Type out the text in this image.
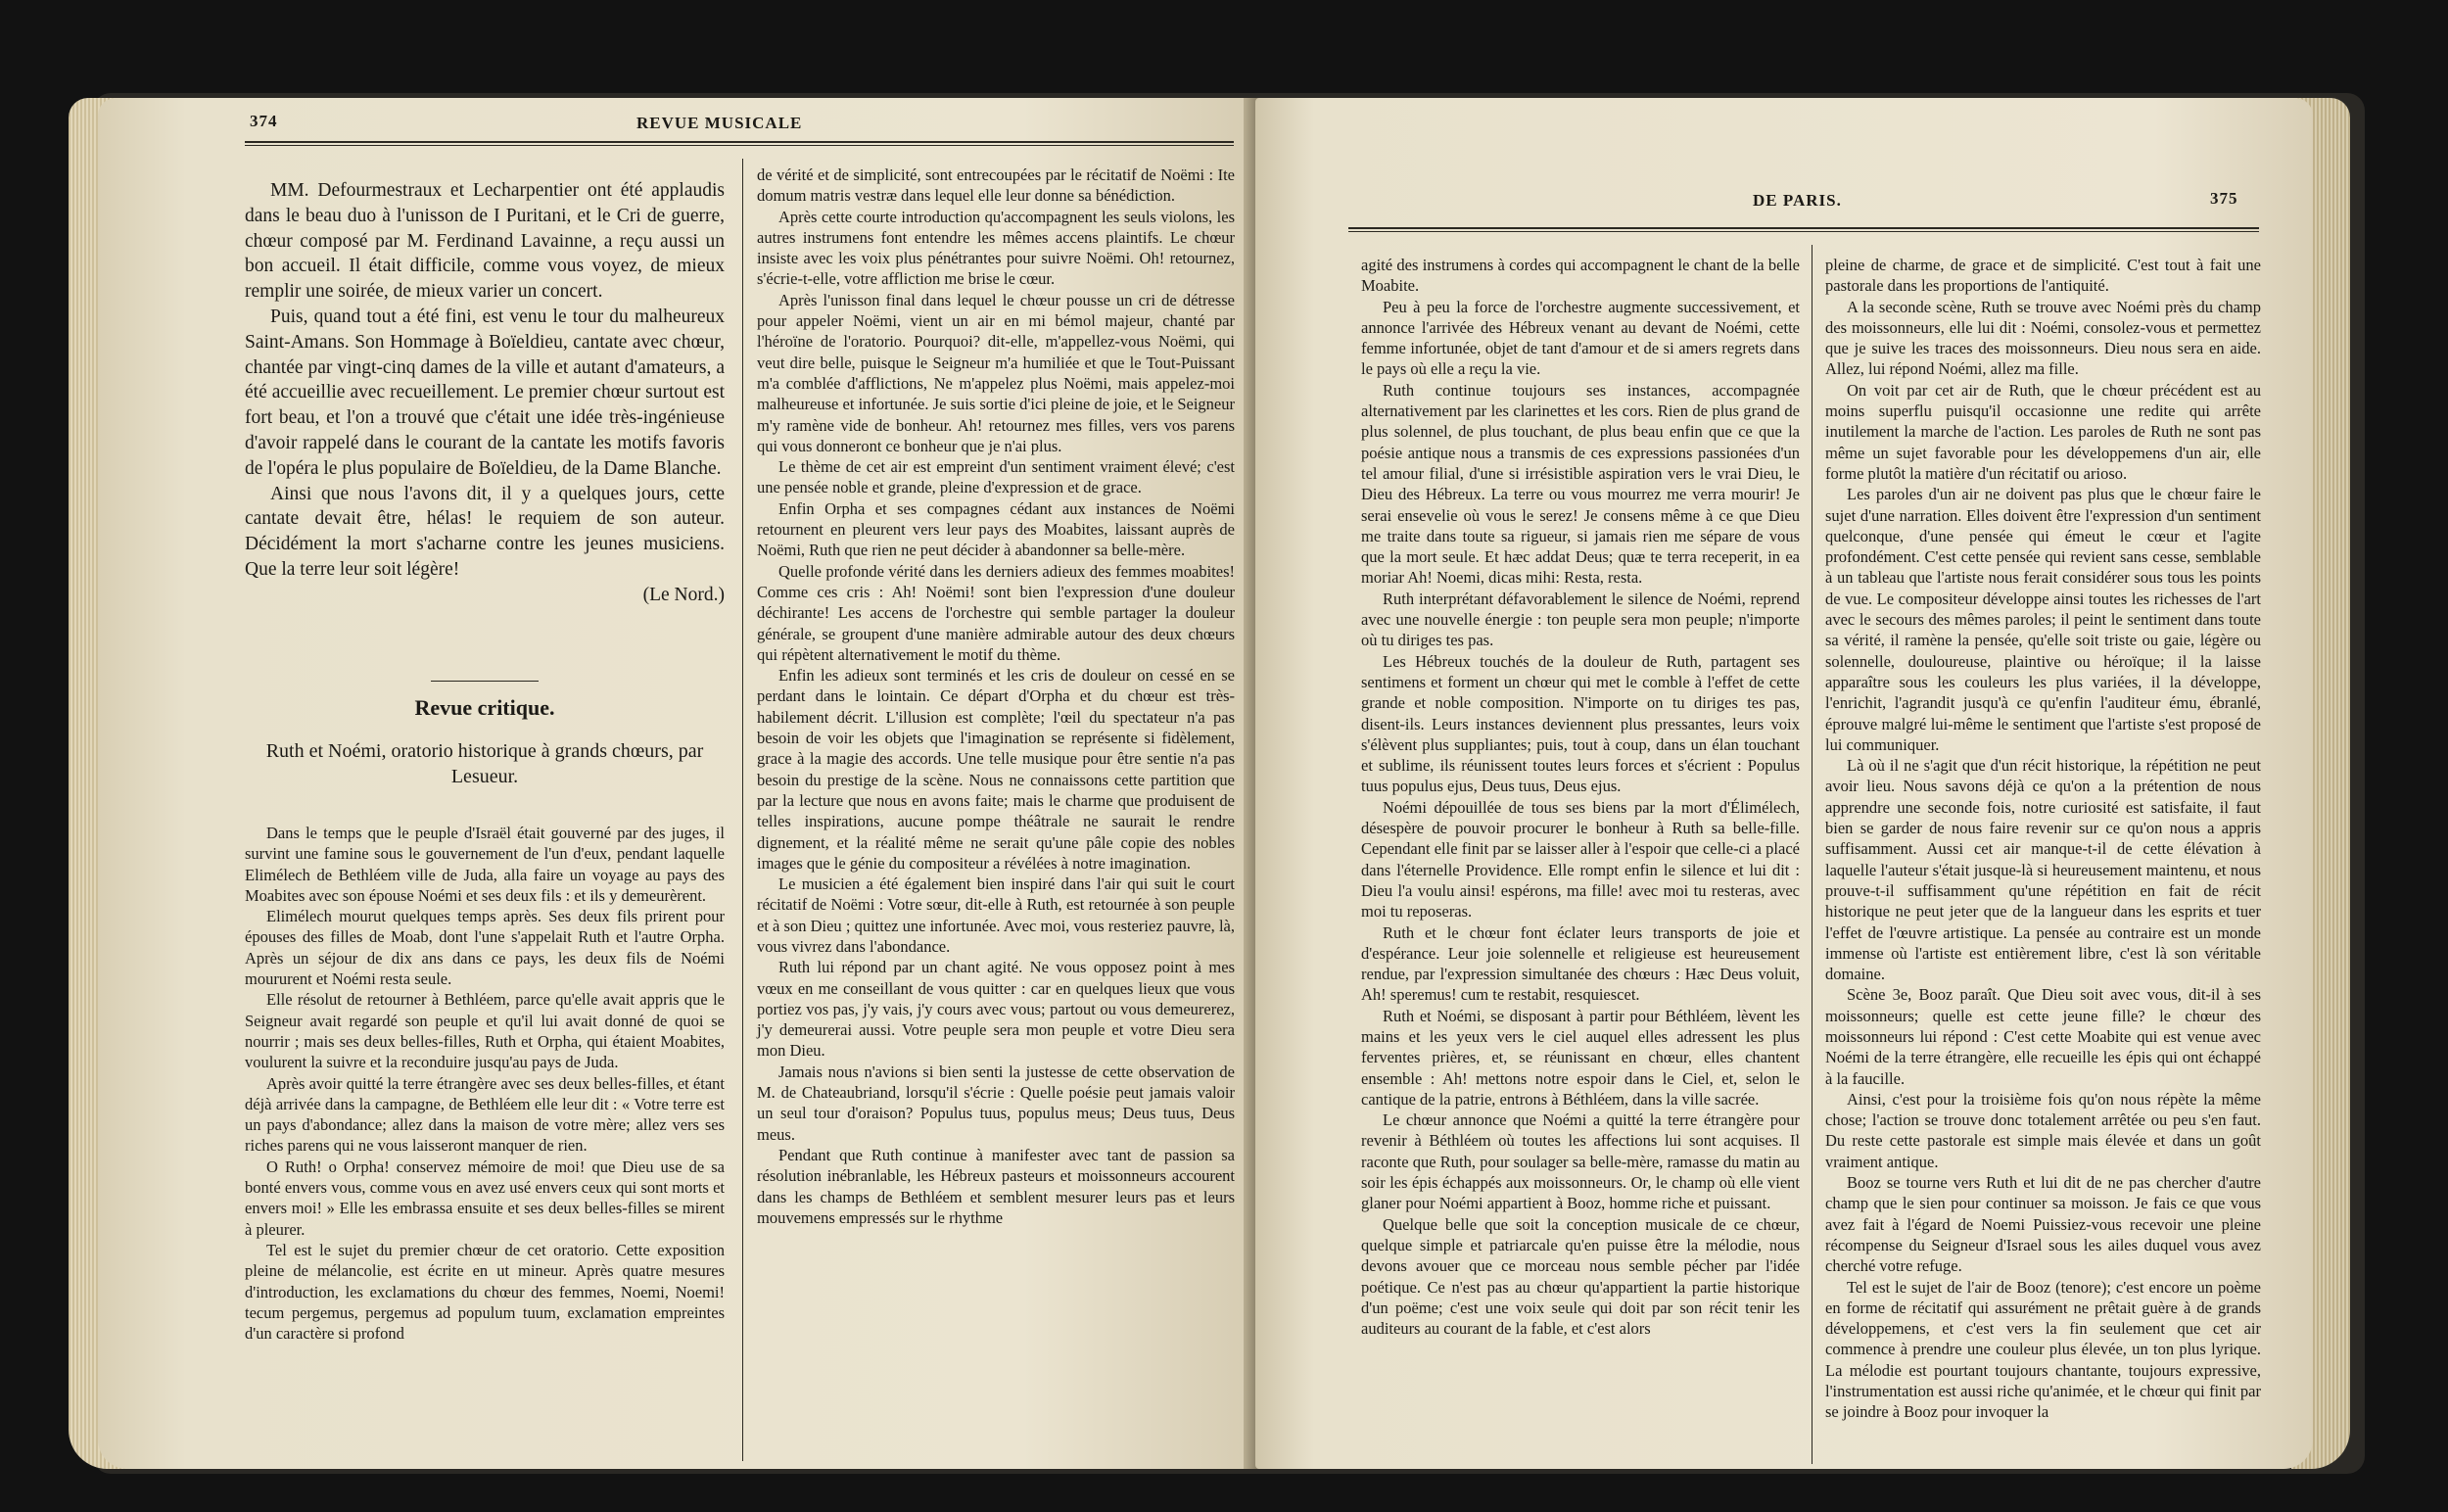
374	REVUE MUSICALE

MM. Defourmestraux et Lecharpentier ont été applaudis dans le beau duo à l'unisson de I Puritani, et le Cri de guerre, chœur composé par M. Ferdinand Lavainne, a reçu aussi un bon accueil. Il était difficile, comme vous voyez, de mieux remplir une soirée, de mieux varier un concert.

Puis, quand tout a été fini, est venu le tour du malheureux Saint-Amans. Son Hommage à Boïeldieu, cantate avec chœur, chantée par vingt-cinq dames de la ville et autant d'amateurs, a été accueillie avec recueillement. Le premier chœur surtout est fort beau, et l'on a trouvé que c'était une idée très-ingénieuse d'avoir rappelé dans le courant de la cantate les motifs favoris de l'opéra le plus populaire de Boïeldieu, de la Dame Blanche.

Ainsi que nous l'avons dit, il y a quelques jours, cette cantate devait être, hélas! le requiem de son auteur. Décidément la mort s'acharne contre les jeunes musiciens. Que la terre leur soit légère!

(Le Nord.)
Revue critique.
Ruth et Noémi, oratorio historique à grands chœurs, par Lesueur.

Dans le temps que le peuple d'Israël était gouverné par des juges, il survint une famine sous le gouvernement de l'un d'eux, pendant laquelle Elimélech de Bethléem ville de Juda, alla faire un voyage au pays des Moabites avec son épouse Noémi et ses deux fils : et ils y demeurèrent.

Elimélech mourut quelques temps après. Ses deux fils prirent pour épouses des filles de Moab, dont l'une s'appelait Ruth et l'autre Orpha. Après un séjour de dix ans dans ce pays, les deux fils de Noémi moururent et Noémi resta seule.

Elle résolut de retourner à Bethléem, parce qu'elle avait appris que le Seigneur avait regardé son peuple et qu'il lui avait donné de quoi se nourrir ; mais ses deux belles-filles, Ruth et Orpha, qui étaient Moabites, voulurent la suivre et la reconduire jusqu'au pays de Juda.

Après avoir quitté la terre étrangère avec ses deux belles-filles, et étant déjà arrivée dans la campagne, de Bethléem elle leur dit : « Votre terre est un pays d'abondance; allez dans la maison de votre mère; allez vers ses riches parens qui ne vous laisseront manquer de rien.

O Ruth! o Orpha! conservez mémoire de moi! que Dieu use de sa bonté envers vous, comme vous en avez usé envers ceux qui sont morts et envers moi! » Elle les embrassa ensuite et ses deux belles-filles se mirent à pleurer.

Tel est le sujet du premier chœur de cet oratorio. Cette exposition pleine de mélancolie, est écrite en ut mineur. Après quatre mesures d'introduction, les exclamations du chœur des femmes, Noemi, Noemi! tecum pergemus, pergemus ad populum tuum, exclamation empreintes d'un caractère si profond

de vérité et de simplicité, sont entrecoupées par le récitatif de Noëmi : Ite domum matris vestræ dans lequel elle leur donne sa bénédiction.

Après cette courte introduction qu'accompagnent les seuls violons, les autres instrumens font entendre les mêmes accens plaintifs. Le chœur insiste avec les voix plus pénétrantes pour suivre Noëmi. Oh! retournez, s'écrie-t-elle, votre affliction me brise le cœur.

Après l'unisson final dans lequel le chœur pousse un cri de détresse pour appeler Noëmi, vient un air en mi bémol majeur, chanté par l'héroïne de l'oratorio. Pourquoi? dit-elle, m'appellez-vous Noëmi, qui veut dire belle, puisque le Seigneur m'a humiliée et que le Tout-Puissant m'a comblée d'afflictions, Ne m'appelez plus Noëmi, mais appelez-moi malheureuse et infortunée. Je suis sortie d'ici pleine de joie, et le Seigneur m'y ramène vide de bonheur. Ah! retournez mes filles, vers vos parens qui vous donneront ce bonheur que je n'ai plus.

Le thème de cet air est empreint d'un sentiment vraiment élevé; c'est une pensée noble et grande, pleine d'expression et de grace.

Enfin Orpha et ses compagnes cédant aux instances de Noëmi retournent en pleurent vers leur pays des Moabites, laissant auprès de Noëmi, Ruth que rien ne peut décider à abandonner sa belle-mère.

Quelle profonde vérité dans les derniers adieux des femmes moabites! Comme ces cris : Ah! Noëmi! sont bien l'expression d'une douleur déchirante! Les accens de l'orchestre qui semble partager la douleur générale, se groupent d'une manière admirable autour des deux chœurs qui répètent alternativement le motif du thème.

Enfin les adieux sont terminés et les cris de douleur on cessé en se perdant dans le lointain. Ce départ d'Orpha et du chœur est très-habilement décrit. L'illusion est complète; l'œil du spectateur n'a pas besoin de voir les objets que l'imagination se représente si fidèlement, grace à la magie des accords. Une telle musique pour être sentie n'a pas besoin du prestige de la scène. Nous ne connaissons cette partition que par la lecture que nous en avons faite; mais le charme que produisent de telles inspirations, aucune pompe théâtrale ne saurait le rendre dignement, et la réalité même ne serait qu'une pâle copie des nobles images que le génie du compositeur a révélées à notre imagination.

Le musicien a été également bien inspiré dans l'air qui suit le court récitatif de Noëmi : Votre sœur, dit-elle à Ruth, est retournée à son peuple et à son Dieu ; quittez une infortunée. Avec moi, vous resteriez pauvre, là, vous vivrez dans l'abondance.

Ruth lui répond par un chant agité. Ne vous opposez point à mes vœux en me conseillant de vous quitter : car en quelques lieux que vous portiez vos pas, j'y vais, j'y cours avec vous; partout ou vous demeurerez, j'y demeurerai aussi. Votre peuple sera mon peuple et votre Dieu sera mon Dieu.

Jamais nous n'avions si bien senti la justesse de cette observation de M. de Chateaubriand, lorsqu'il s'écrie : Quelle poésie peut jamais valoir un seul tour d'oraison? Populus tuus, populus meus; Deus tuus, Deus meus.

Pendant que Ruth continue à manifester avec tant de passion sa résolution inébranlable, les Hébreux pasteurs et moissonneurs accourent dans les champs de Bethléem et semblent mesurer leurs pas et leurs mouvemens empressés sur le rhythme

DE PARIS.	375

agité des instrumens à cordes qui accompagnent le chant de la belle Moabite.

Peu à peu la force de l'orchestre augmente successivement, et annonce l'arrivée des Hébreux venant au devant de Noémi, cette femme infortunée, objet de tant d'amour et de si amers regrets dans le pays où elle a reçu la vie.

Ruth continue toujours ses instances, accompagnée alternativement par les clarinettes et les cors. Rien de plus grand de plus solennel, de plus touchant, de plus beau enfin que ce que la poésie antique nous a transmis de ces expressions passionées d'un tel amour filial, d'une si irrésistible aspiration vers le vrai Dieu, le Dieu des Hébreux. La terre ou vous mourrez me verra mourir! Je serai ensevelie où vous le serez! Je consens même à ce que Dieu me traite dans toute sa rigueur, si jamais rien me sépare de vous que la mort seule. Et hæc addat Deus; quæ te terra receperit, in ea moriar Ah! Noemi, dicas mihi: Resta, resta.

Ruth interprétant défavorablement le silence de Noémi, reprend avec une nouvelle énergie : ton peuple sera mon peuple; n'importe où tu diriges tes pas.

Les Hébreux touchés de la douleur de Ruth, partagent ses sentimens et forment un chœur qui met le comble à l'effet de cette grande et noble composition. N'importe on tu diriges tes pas, disent-ils. Leurs instances deviennent plus pressantes, leurs voix s'élèvent plus suppliantes; puis, tout à coup, dans un élan touchant et sublime, ils réunissent toutes leurs forces et s'écrient : Populus tuus populus ejus, Deus tuus, Deus ejus.

Noémi dépouillée de tous ses biens par la mort d'Élimélech, désespère de pouvoir procurer le bonheur à Ruth sa belle-fille. Cependant elle finit par se laisser aller à l'espoir que celle-ci a placé dans l'éternelle Providence. Elle rompt enfin le silence et lui dit : Dieu l'a voulu ainsi! espérons, ma fille! avec moi tu resteras, avec moi tu reposeras.

Ruth et le chœur font éclater leurs transports de joie et d'espérance. Leur joie solennelle et religieuse est heureusement rendue, par l'expression simultanée des chœurs : Hæc Deus voluit, Ah! speremus! cum te restabit, resquiescet.

Ruth et Noémi, se disposant à partir pour Béthléem, lèvent les mains et les yeux vers le ciel auquel elles adressent les plus ferventes prières, et, se réunissant en chœur, elles chantent ensemble : Ah! mettons notre espoir dans le Ciel, et, selon le cantique de la patrie, entrons à Béthléem, dans la ville sacrée.

Le chœur annonce que Noémi a quitté la terre étrangère pour revenir à Béthléem où toutes les affections lui sont acquises. Il raconte que Ruth, pour soulager sa belle-mère, ramasse du matin au soir les épis échappés aux moissonneurs. Or, le champ où elle vient glaner pour Noémi appartient à Booz, homme riche et puissant.

Quelque belle que soit la conception musicale de ce chœur, quelque simple et patriarcale qu'en puisse être la mélodie, nous devons avouer que ce morceau nous semble pécher par l'idée poétique. Ce n'est pas au chœur qu'appartient la partie historique d'un poëme; c'est une voix seule qui doit par son récit tenir les auditeurs au courant de la fable, et c'est alors

pleine de charme, de grace et de simplicité. C'est tout à fait une pastorale dans les proportions de l'antiquité.

A la seconde scène, Ruth se trouve avec Noémi près du champ des moissonneurs, elle lui dit : Noémi, consolez-vous et permettez que je suive les traces des moissonneurs. Dieu nous sera en aide. Allez, lui répond Noémi, allez ma fille.

On voit par cet air de Ruth, que le chœur précédent est au moins superflu puisqu'il occasionne une redite qui arrête inutilement la marche de l'action. Les paroles de Ruth ne sont pas même un sujet favorable pour les développemens d'un air, elle forme plutôt la matière d'un récitatif ou arioso.

Les paroles d'un air ne doivent pas plus que le chœur faire le sujet d'une narration. Elles doivent être l'expression d'un sentiment quelconque, d'une pensée qui émeut le cœur et l'agite profondément. C'est cette pensée qui revient sans cesse, semblable à un tableau que l'artiste nous ferait considérer sous tous les points de vue. Le compositeur développe ainsi toutes les richesses de l'art avec le secours des mêmes paroles; il peint le sentiment dans toute sa vérité, il ramène la pensée, qu'elle soit triste ou gaie, légère ou solennelle, douloureuse, plaintive ou héroïque; il la laisse apparaître sous les couleurs les plus variées, il la développe, l'enrichit, l'agrandit jusqu'à ce qu'enfin l'auditeur ému, ébranlé, éprouve malgré lui-même le sentiment que l'artiste s'est proposé de lui communiquer.

Là où il ne s'agit que d'un récit historique, la répétition ne peut avoir lieu. Nous savons déjà ce qu'on a la prétention de nous apprendre une seconde fois, notre curiosité est satisfaite, il faut bien se garder de nous faire revenir sur ce qu'on nous a appris suffisamment. Aussi cet air manque-t-il de cette élévation à laquelle l'auteur s'était jusque-là si heureusement maintenu, et nous prouve-t-il suffisamment qu'une répétition en fait de récit historique ne peut jeter que de la langueur dans les esprits et tuer l'effet de l'œuvre artistique. La pensée au contraire est un monde immense où l'artiste est entièrement libre, c'est là son véritable domaine.

Scène 3e, Booz paraît. Que Dieu soit avec vous, dit-il à ses moissonneurs; quelle est cette jeune fille? le chœur des moissonneurs lui répond : C'est cette Moabite qui est venue avec Noémi de la terre étrangère, elle recueille les épis qui ont échappé à la faucille.

Ainsi, c'est pour la troisième fois qu'on nous répète la même chose; l'action se trouve donc totalement arrêtée ou peu s'en faut. Du reste cette pastorale est simple mais élevée et dans un goût vraiment antique.

Booz se tourne vers Ruth et lui dit de ne pas chercher d'autre champ que le sien pour continuer sa moisson. Je fais ce que vous avez fait à l'égard de Noemi Puissiez-vous recevoir une pleine récompense du Seigneur d'Israel sous les ailes duquel vous avez cherché votre refuge.

Tel est le sujet de l'air de Booz (tenore); c'est encore un poème en forme de récitatif qui assurément ne prêtait guère à de grands développemens, et c'est vers la fin seulement que cet air commence à prendre une couleur plus élevée, un ton plus lyrique. La mélodie est pourtant toujours chantante, toujours expressive, l'instrumentation est aussi riche qu'animée, et le chœur qui finit par se joindre à Booz pour invoquer la
